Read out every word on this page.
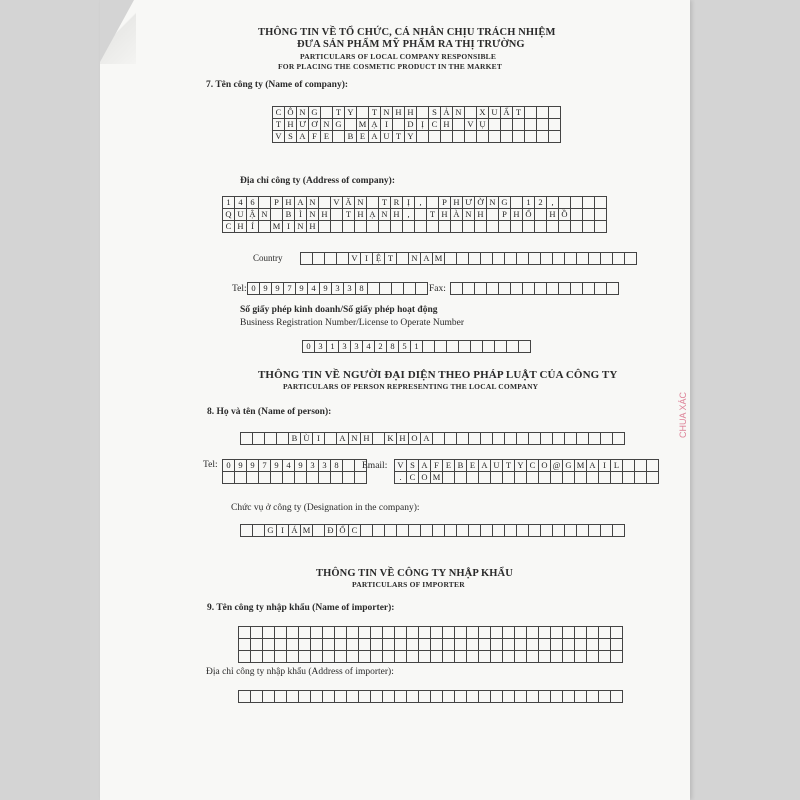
THÔNG TIN VỀ TỔ CHỨC, CÁ NHÂN CHỊU TRÁCH NHIỆM
ĐƯA SẢN PHẨM MỸ PHẨM RA THỊ TRƯỜNG
PARTICULARS OF LOCAL COMPANY RESPONSIBLE
FOR PLACING THE COSMETIC PRODUCT IN THE MARKET
7. Tên công ty (Name of company):
C	Ô	N	G		T	Y		T	N	H	H		S	Ả	N		X	U	Ấ	T			
T	H	Ư	Ơ	N	G		M	Ạ	I		D	Ị	C	H		V	Ụ						
V	S	A	F	E		B	E	A	U	T	Y												
Địa chỉ công ty (Address of company):
1	4	6		P	H	A	N		V	Ă	N		T	R	Ị	,		P	H	Ư	Ờ	N	G		1	2	,				
Q	U	Ậ	N		B	Ì	N	H		T	H	Ạ	N	H	,		T	H	À	N	H		P	H	Ố		H	Ồ			
C	H	Í		M	I	N	H																								
Country
					V	I	Ệ	T		N	A	M																
Tel: 0	9	9	7	9	4	9	3	3	8						Fax:

Số giấy phép kinh doanh/Số giấy phép hoạt động
Business Registration Number/License to Operate Number
0	3	1	3	3	4	2	8	5	1									
THÔNG TIN VỀ NGƯỜI ĐẠI DIỆN THEO PHÁP LUẬT CỦA CÔNG TY
PARTICULARS OF PERSON REPRESENTING THE LOCAL COMPANY
8. Họ và tên (Name of person):
				B	Ù	I		A	N	H		K	H	O	A																
Tel: 0	9	9	7	9	4	9	3	3	8		
											Email: V	S	A	F	E	B	E	A	U	T	Y	C	O	@	G	M	A	I	L			
.	C	O	M																		
Chức vụ ở công ty (Designation in the company):
		G	I	Á	M		Đ	Ố	C																						
THÔNG TIN VỀ CÔNG TY NHẬP KHẨU
PARTICULARS OF IMPORTER
9. Tên công ty nhập khẩu (Name of importer):

Địa chỉ công ty nhập khẩu (Address of importer):

CHUA XÁC
